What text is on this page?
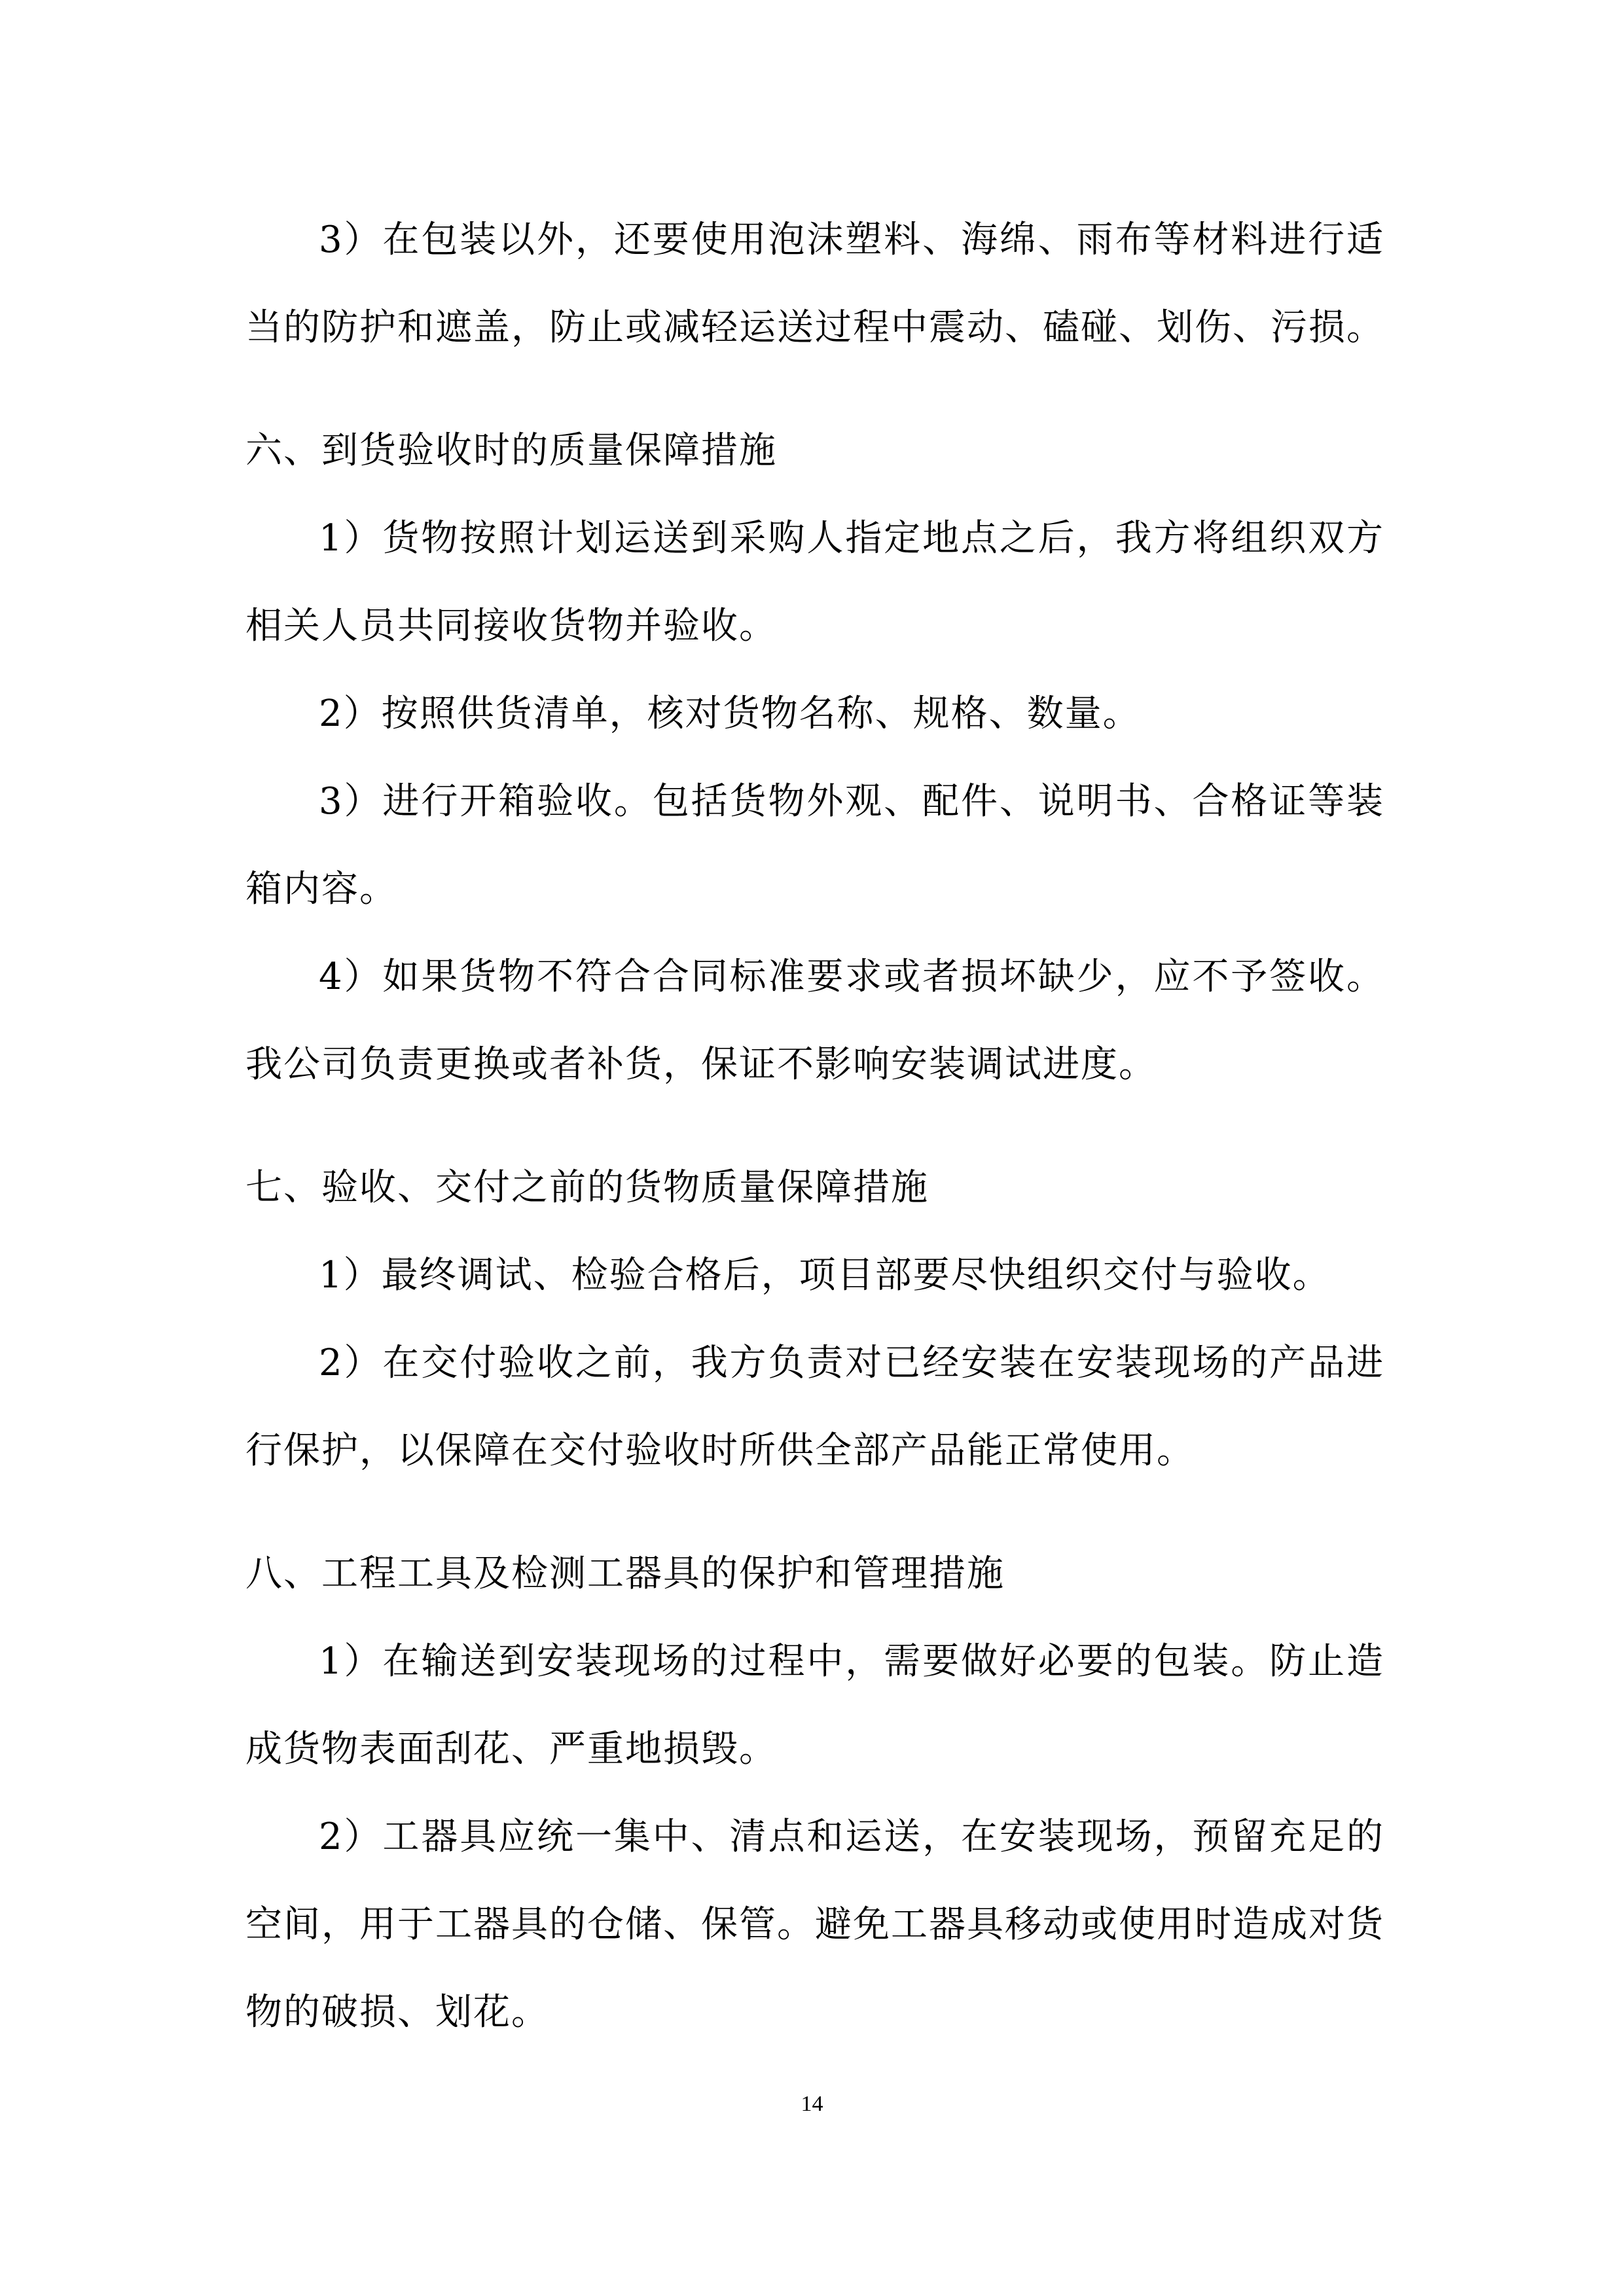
3）在包装以外，还要使用泡沫塑料、海绵、雨布等材料进行适当的防护和遮盖，防止或减轻运送过程中震动、磕碰、划伤、污损。

六、到货验收时的质量保障措施

1）货物按照计划运送到采购人指定地点之后，我方将组织双方相关人员共同接收货物并验收。

2）按照供货清单，核对货物名称、规格、数量。

3）进行开箱验收。包括货物外观、配件、说明书、合格证等装箱内容。

4）如果货物不符合合同标准要求或者损坏缺少，应不予签收。我公司负责更换或者补货，保证不影响安装调试进度。

七、验收、交付之前的货物质量保障措施

1）最终调试、检验合格后，项目部要尽快组织交付与验收。

2）在交付验收之前，我方负责对已经安装在安装现场的产品进行保护，以保障在交付验收时所供全部产品能正常使用。

八、工程工具及检测工器具的保护和管理措施

1）在输送到安装现场的过程中，需要做好必要的包装。防止造成货物表面刮花、严重地损毁。

2）工器具应统一集中、清点和运送，在安装现场，预留充足的空间，用于工器具的仓储、保管。避免工器具移动或使用时造成对货物的破损、划花。

14
